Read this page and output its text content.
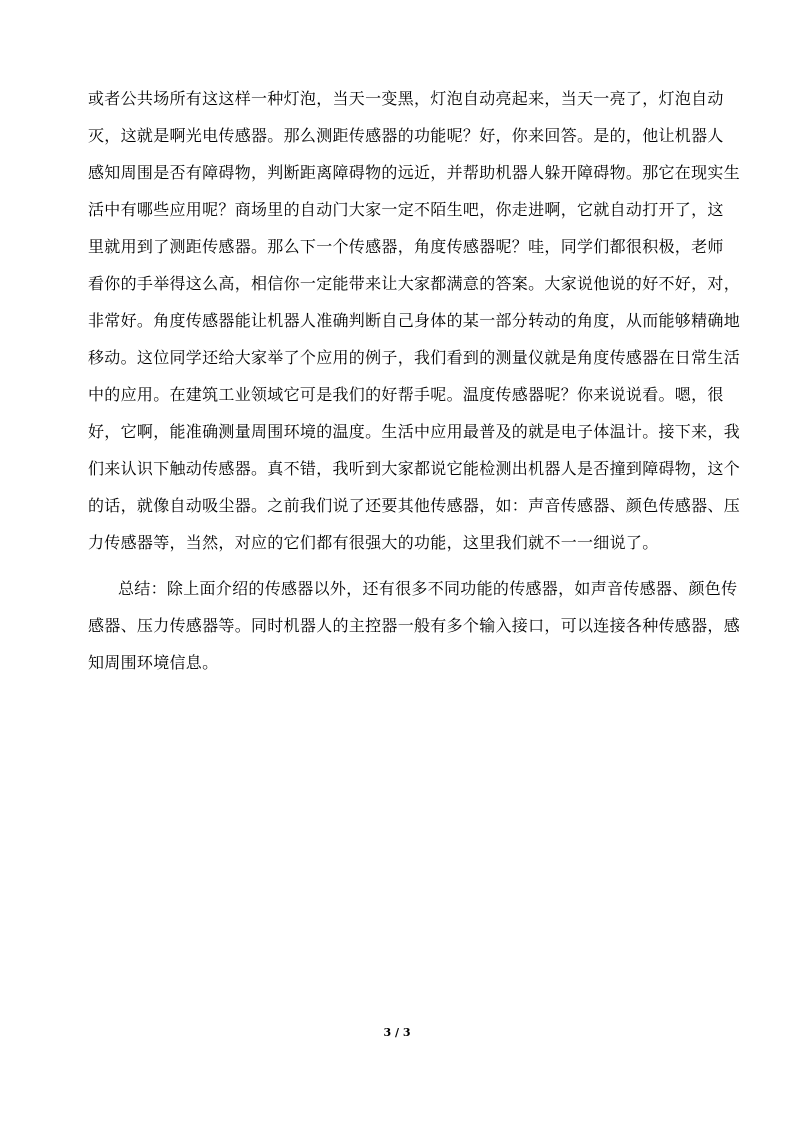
或者公共场所有这这样一种灯泡，当天一变黑，灯泡自动亮起来，当天一亮了，灯泡自动
灭，这就是啊光电传感器。那么测距传感器的功能呢？好，你来回答。是的，他让机器人
感知周围是否有障碍物，判断距离障碍物的远近，并帮助机器人躲开障碍物。那它在现实生
活中有哪些应用呢？商场里的自动门大家一定不陌生吧，你走进啊，它就自动打开了，这
里就用到了测距传感器。那么下一个传感器，角度传感器呢？哇，同学们都很积极，老师
看你的手举得这么高，相信你一定能带来让大家都满意的答案。大家说他说的好不好，对，
非常好。角度传感器能让机器人准确判断自己身体的某一部分转动的角度，从而能够精确地
移动。这位同学还给大家举了个应用的例子，我们看到的测量仪就是角度传感器在日常生活
中的应用。在建筑工业领域它可是我们的好帮手呢。温度传感器呢？你来说说看。嗯，很
好，它啊，能准确测量周围环境的温度。生活中应用最普及的就是电子体温计。接下来，我
们来认识下触动传感器。真不错，我听到大家都说它能检测出机器人是否撞到障碍物，这个
的话，就像自动吸尘器。之前我们说了还要其他传感器，如：声音传感器、颜色传感器、压
力传感器等，当然，对应的它们都有很强大的功能，这里我们就不一一细说了。
总结：除上面介绍的传感器以外，还有很多不同功能的传感器，如声音传感器、颜色传
感器、压力传感器等。同时机器人的主控器一般有多个输入接口，可以连接各种传感器，感
知周围环境信息。
3 / 3
